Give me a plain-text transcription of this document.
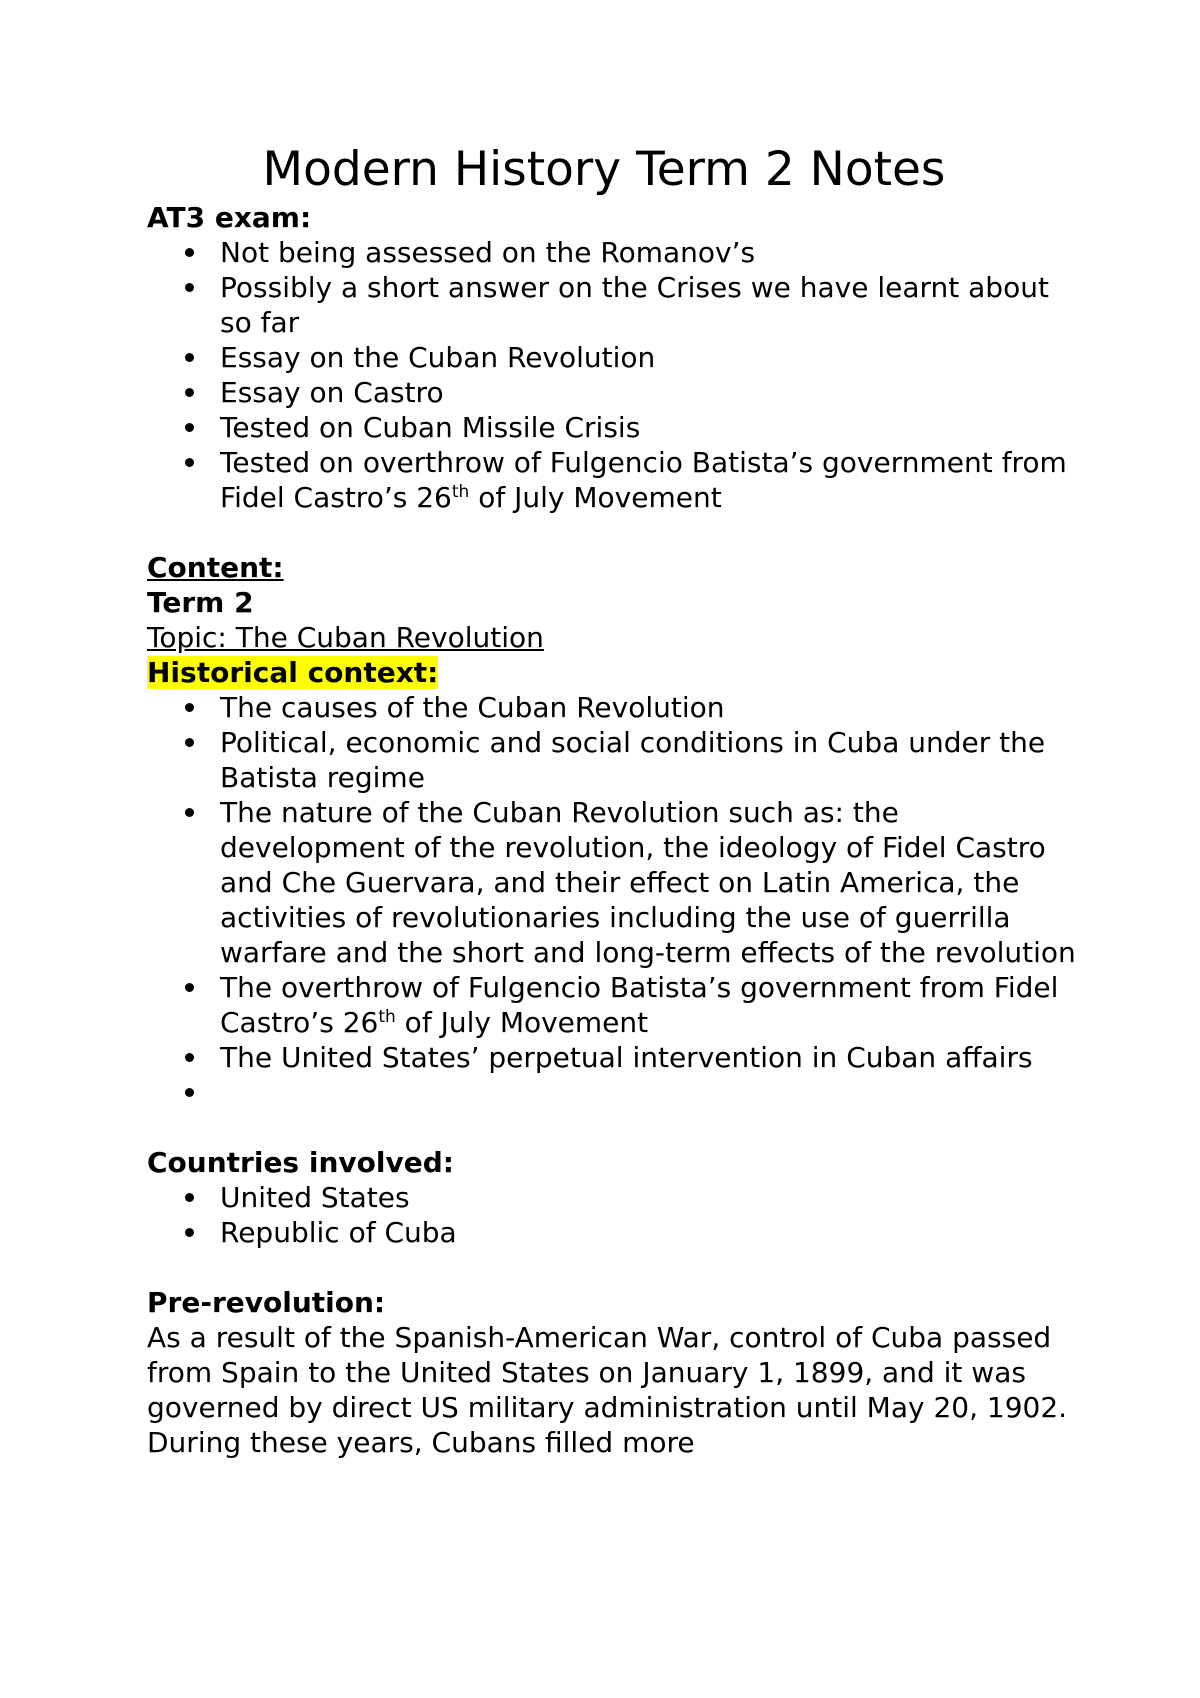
Modern History Term 2 Notes

AT3 exam:

Not being assessed on the Romanov’s
Possibly a short answer on the Crises we have learnt about so far
Essay on the Cuban Revolution
Essay on Castro
Tested on Cuban Missile Crisis
Tested on overthrow of Fulgencio Batista’s government from Fidel Castro’s 26th of July Movement

Content:

Term 2

Topic: The Cuban Revolution

Historical context:

The causes of the Cuban Revolution
Political, economic and social conditions in Cuba under the Batista regime
The nature of the Cuban Revolution such as: the development of the revolution, the ideology of Fidel Castro and Che Guervara, and their effect on Latin America, the activities of revolutionaries including the use of guerrilla warfare and the short and long-term effects of the revolution
The overthrow of Fulgencio Batista’s government from Fidel Castro’s 26th of July Movement
The United States’ perpetual intervention in Cuban affairs

Countries involved:

United States
Republic of Cuba

Pre-revolution:

As a result of the Spanish-American War, control of Cuba passed from Spain to the United States on January 1, 1899, and it was governed by direct US military administration until May 20, 1902. During these years, Cubans filled more
